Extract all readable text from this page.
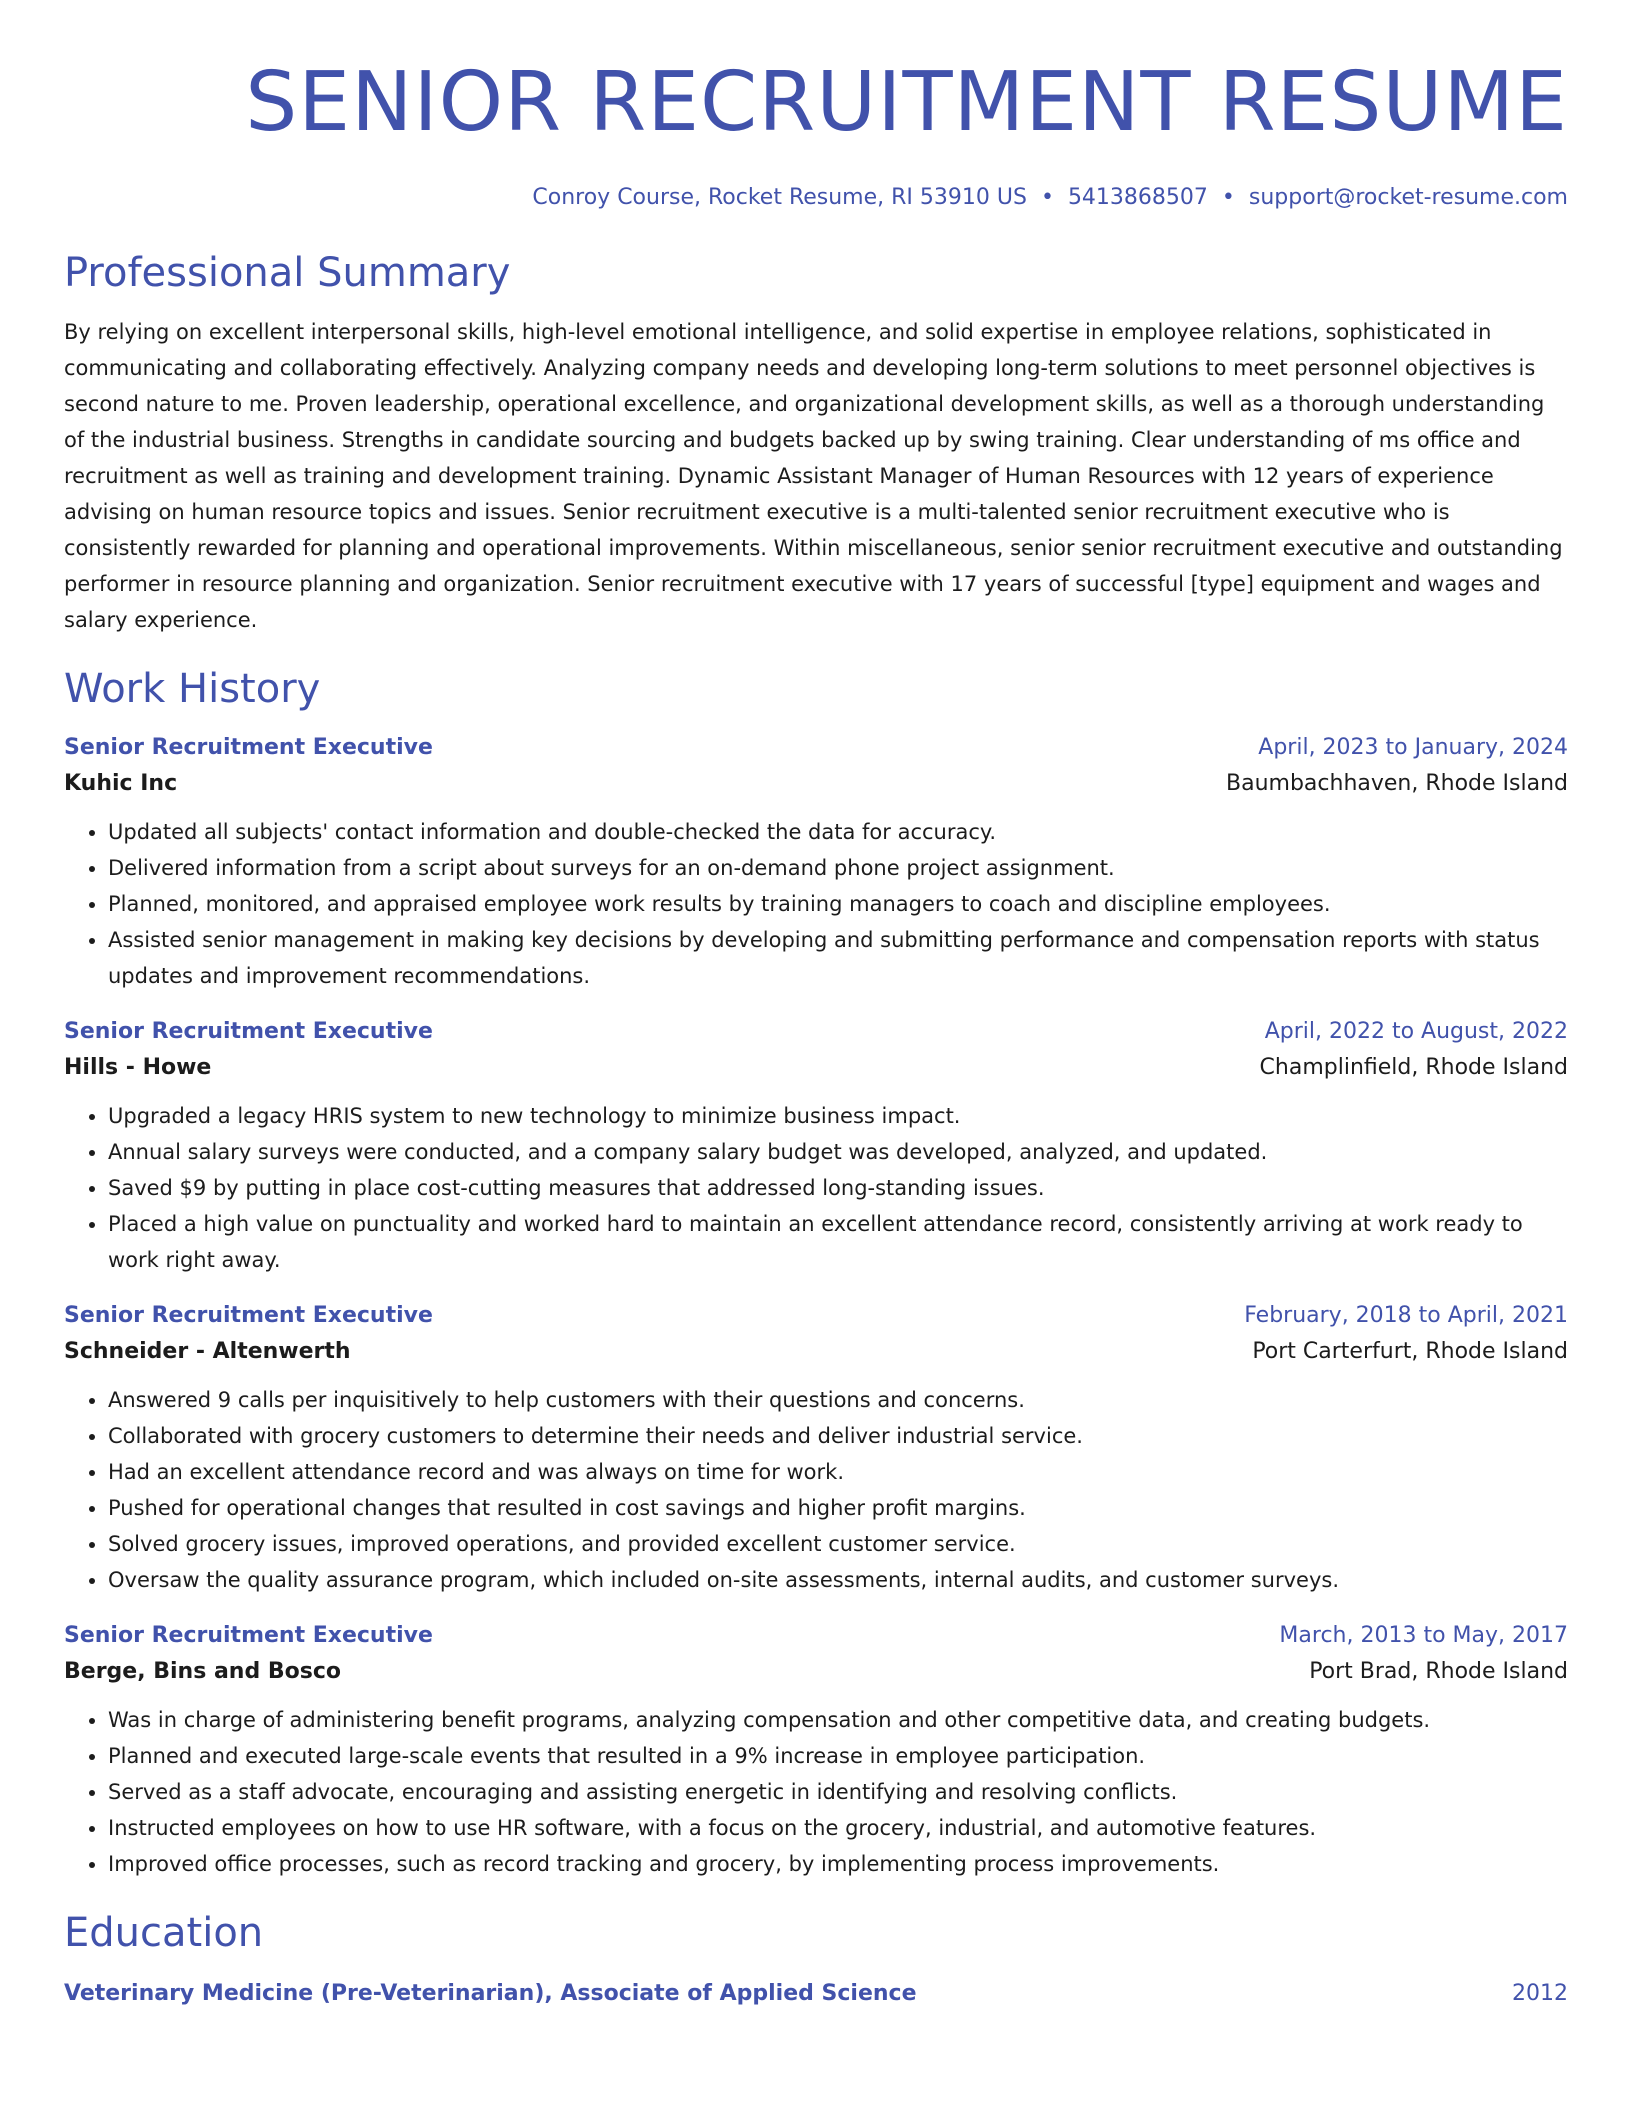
SENIOR RECRUITMENT RESUME
Conroy Course, Rocket Resume, RI 53910 US • 5413868507 • support@rocket-resume.com
Professional Summary

By relying on excellent interpersonal skills, high-level emotional intelligence, and solid expertise in employee relations, sophisticated in communicating and collaborating effectively. Analyzing company needs and developing long-term solutions to meet personnel objectives is second nature to me. Proven leadership, operational excellence, and organizational development skills, as well as a thorough understanding of the industrial business. Strengths in candidate sourcing and budgets backed up by swing training. Clear understanding of ms office and recruitment as well as training and development training. Dynamic Assistant Manager of Human Resources with 12 years of experience advising on human resource topics and issues. Senior recruitment executive is a multi-talented senior recruitment executive who is consistently rewarded for planning and operational improvements. Within miscellaneous, senior senior recruitment executive and outstanding performer in resource planning and organization. Senior recruitment executive with 17 years of successful [type] equipment and wages and salary experience.

Work History
Senior Recruitment Executive	April, 2023 to January, 2024
Kuhic Inc	Baumbachhaven, Rhode Island
• Updated all subjects' contact information and double-checked the data for accuracy.
• Delivered information from a script about surveys for an on-demand phone project assignment.
• Planned, monitored, and appraised employee work results by training managers to coach and discipline employees.
• Assisted senior management in making key decisions by developing and submitting performance and compensation reports with status updates and improvement recommendations.
Senior Recruitment Executive	April, 2022 to August, 2022
Hills - Howe	Champlinfield, Rhode Island
• Upgraded a legacy HRIS system to new technology to minimize business impact.
• Annual salary surveys were conducted, and a company salary budget was developed, analyzed, and updated.
• Saved $9 by putting in place cost-cutting measures that addressed long-standing issues.
• Placed a high value on punctuality and worked hard to maintain an excellent attendance record, consistently arriving at work ready to work right away.
Senior Recruitment Executive	February, 2018 to April, 2021
Schneider - Altenwerth	Port Carterfurt, Rhode Island
• Answered 9 calls per inquisitively to help customers with their questions and concerns.
• Collaborated with grocery customers to determine their needs and deliver industrial service.
• Had an excellent attendance record and was always on time for work.
• Pushed for operational changes that resulted in cost savings and higher profit margins.
• Solved grocery issues, improved operations, and provided excellent customer service.
• Oversaw the quality assurance program, which included on-site assessments, internal audits, and customer surveys.
Senior Recruitment Executive	March, 2013 to May, 2017
Berge, Bins and Bosco	Port Brad, Rhode Island
• Was in charge of administering benefit programs, analyzing compensation and other competitive data, and creating budgets.
• Planned and executed large-scale events that resulted in a 9% increase in employee participation.
• Served as a staff advocate, encouraging and assisting energetic in identifying and resolving conflicts.
• Instructed employees on how to use HR software, with a focus on the grocery, industrial, and automotive features.
• Improved office processes, such as record tracking and grocery, by implementing process improvements.
Education
Veterinary Medicine (Pre-Veterinarian), Associate of Applied Science	2012
